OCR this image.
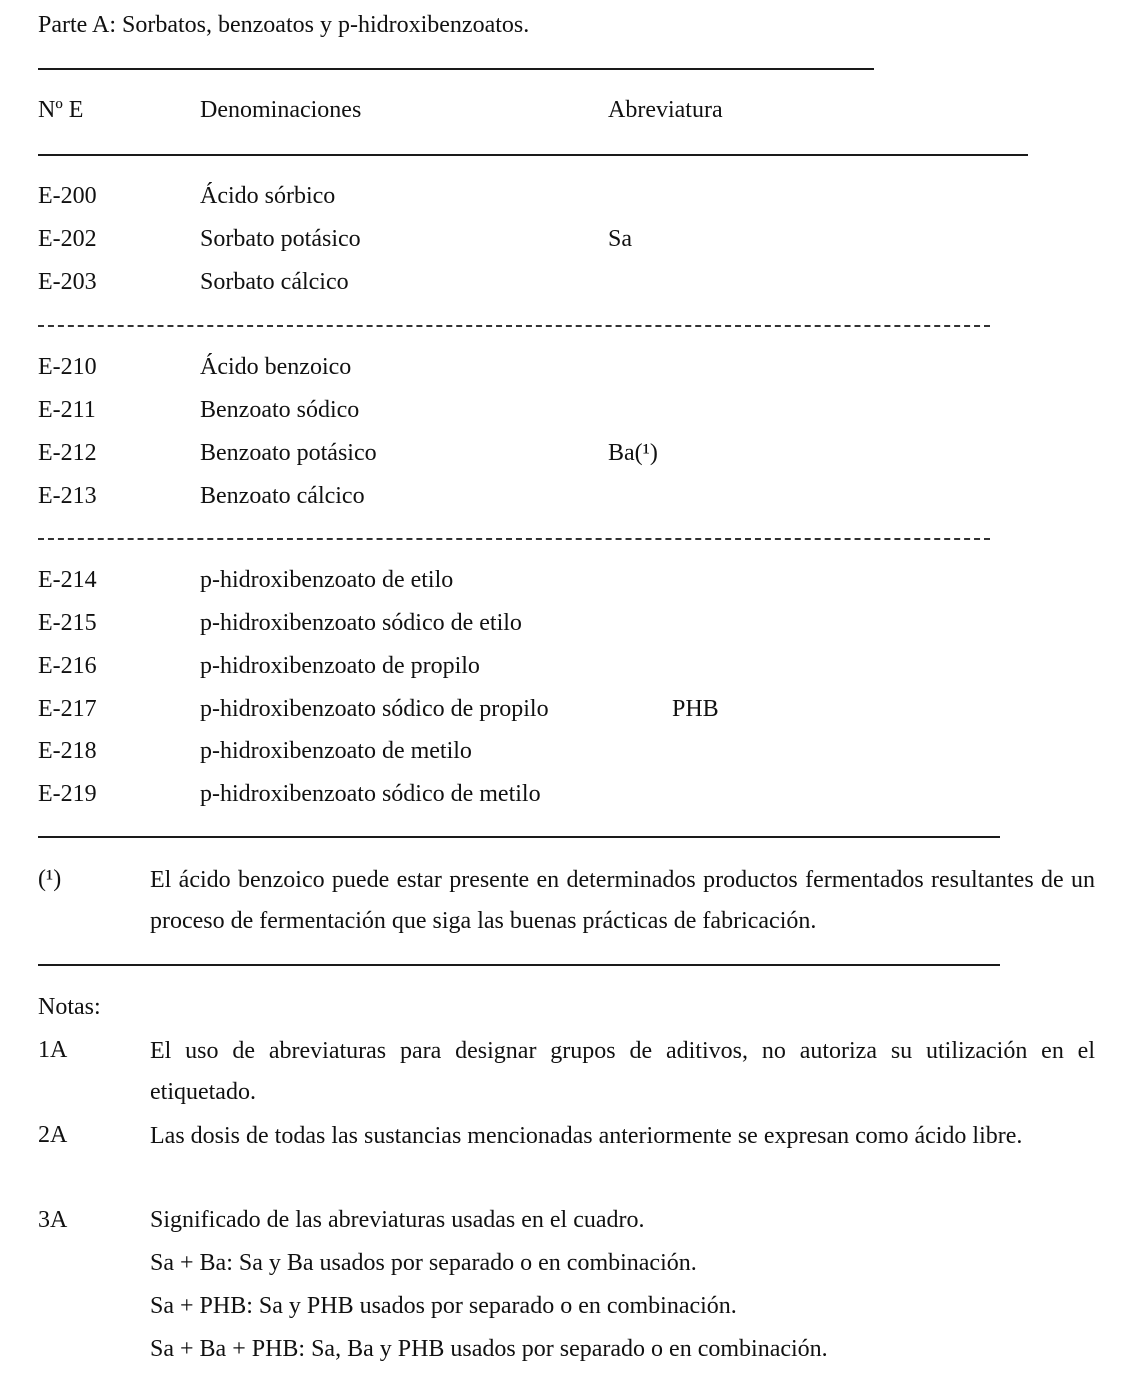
Parte A: Sorbatos, benzoatos y p-hidroxibenzoatos.
Nº E	Denominaciones	Abreviatura
E-200	Ácido sórbico
E-202	Sorbato potásico	Sa
E-203	Sorbato cálcico
E-210	Ácido benzoico
E-211	Benzoato sódico
E-212	Benzoato potásico	Ba(¹)
E-213	Benzoato cálcico
E-214	p-hidroxibenzoato de etilo
E-215	p-hidroxibenzoato sódico de etilo
E-216	p-hidroxibenzoato de propilo
E-217	p-hidroxibenzoato sódico de propilo	PHB
E-218	p-hidroxibenzoato de metilo
E-219	p-hidroxibenzoato sódico de metilo
(¹)	El ácido benzoico puede estar presente en determinados productos fermentados resultantes de un proceso de fermentación que siga las buenas prácticas de fabricación.
Notas:
1A	El uso de abreviaturas para designar grupos de aditivos, no autoriza su utilización en el etiquetado.
2A	Las dosis de todas las sustancias mencionadas anteriormente se expresan como ácido libre.
3A	Significado de las abreviaturas usadas en el cuadro.
Sa + Ba: Sa y Ba usados por separado o en combinación.
Sa + PHB: Sa y PHB usados por separado o en combinación.
Sa + Ba + PHB: Sa, Ba y PHB usados por separado o en combinación.
